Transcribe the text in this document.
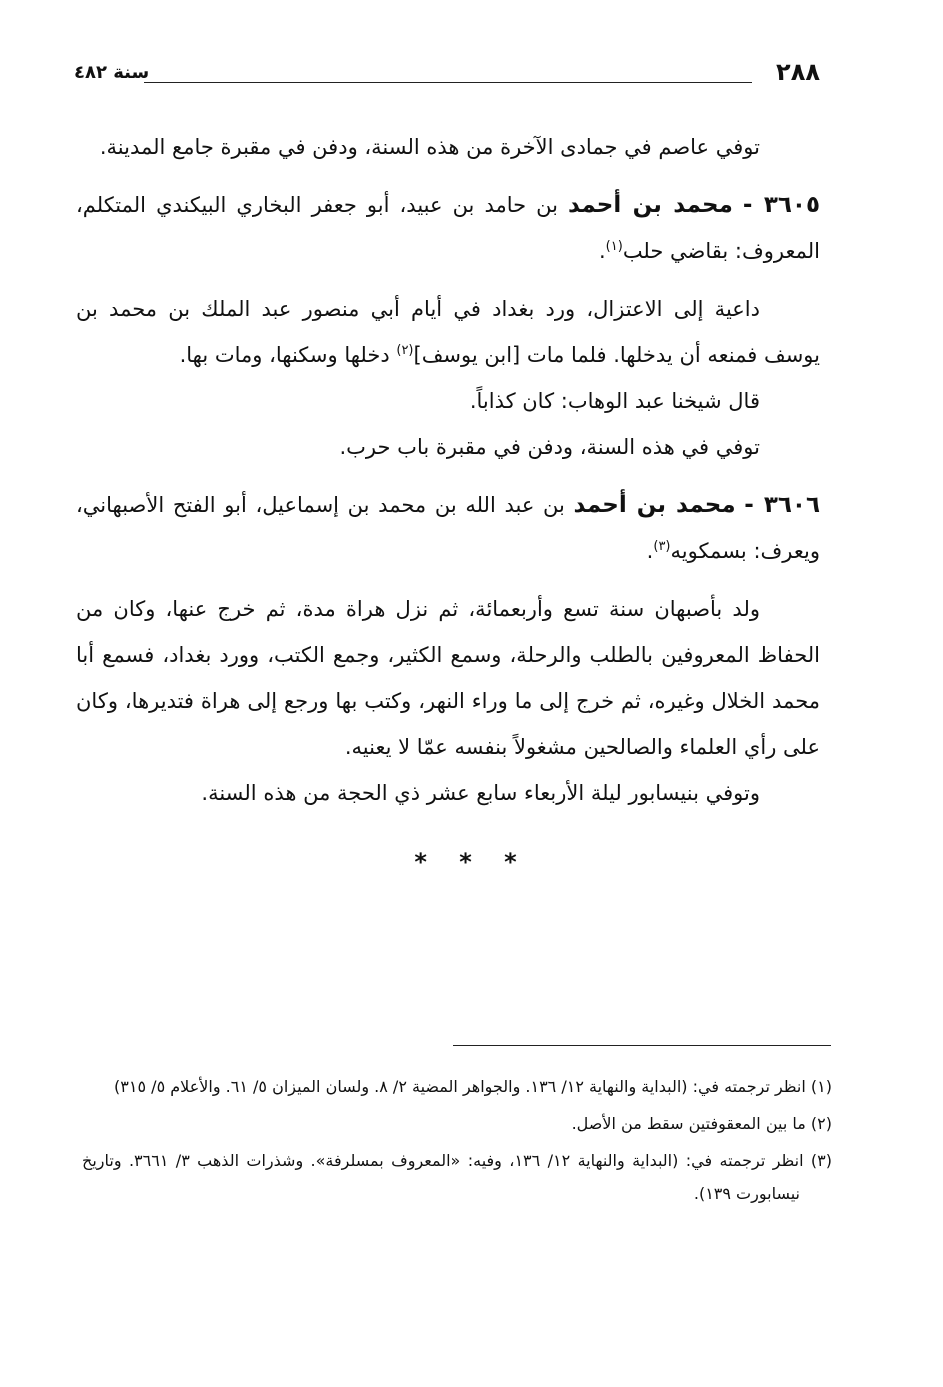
٢٨٨
سنة ٤٨٢

توفي عاصم في جمادى الآخرة من هذه السنة، ودفن في مقبرة جامع المدينة.

٣٦٠٥ - محمد بن أحمد بن حامد بن عبيد، أبو جعفر البخاري البيكندي المتكلم، المعروف: بقاضي حلب$^{(١)}$.

داعية إلى الاعتزال، ورد بغداد في أيام أبي منصور عبد الملك بن محمد بن يوسف فمنعه أن يدخلها. فلما مات [ابن يوسف]$^{(٢)}$ دخلها وسكنها، ومات بها.

قال شيخنا عبد الوهاب: كان كذاباً.

توفي في هذه السنة، ودفن في مقبرة باب حرب.

٣٦٠٦ - محمد بن أحمد بن عبد الله بن محمد بن إسماعيل، أبو الفتح الأصبهاني، ويعرف: بسمكويه$^{(٣)}$.

ولد بأصبهان سنة تسع وأربعمائة، ثم نزل هراة مدة، ثم خرج عنها، وكان من الحفاظ المعروفين بالطلب والرحلة، وسمع الكثير، وجمع الكتب، وورد بغداد، فسمع أبا محمد الخلال وغيره، ثم خرج إلى ما وراء النهر، وكتب بها ورجع إلى هراة فتديرها، وكان على رأي العلماء والصالحين مشغولاً بنفسه عمّا لا يعنيه.

وتوفي بنيسابور ليلة الأربعاء سابع عشر ذي الحجة من هذه السنة.

* * *

(١) انظر ترجمته في: (البداية والنهاية ١٢/ ١٣٦. والجواهر المضية ٢/ ٨. ولسان الميزان ٥/ ٦١. والأعلام ٥/ ٣١٥)

(٢) ما بين المعقوفتين سقط من الأصل.

(٣) انظر ترجمته في: (البداية والنهاية ١٢/ ١٣٦، وفيه: «المعروف بمسلرفة». وشذرات الذهب ٣/ ٣٦٦١. وتاريخ نيسابورت ١٣٩).
